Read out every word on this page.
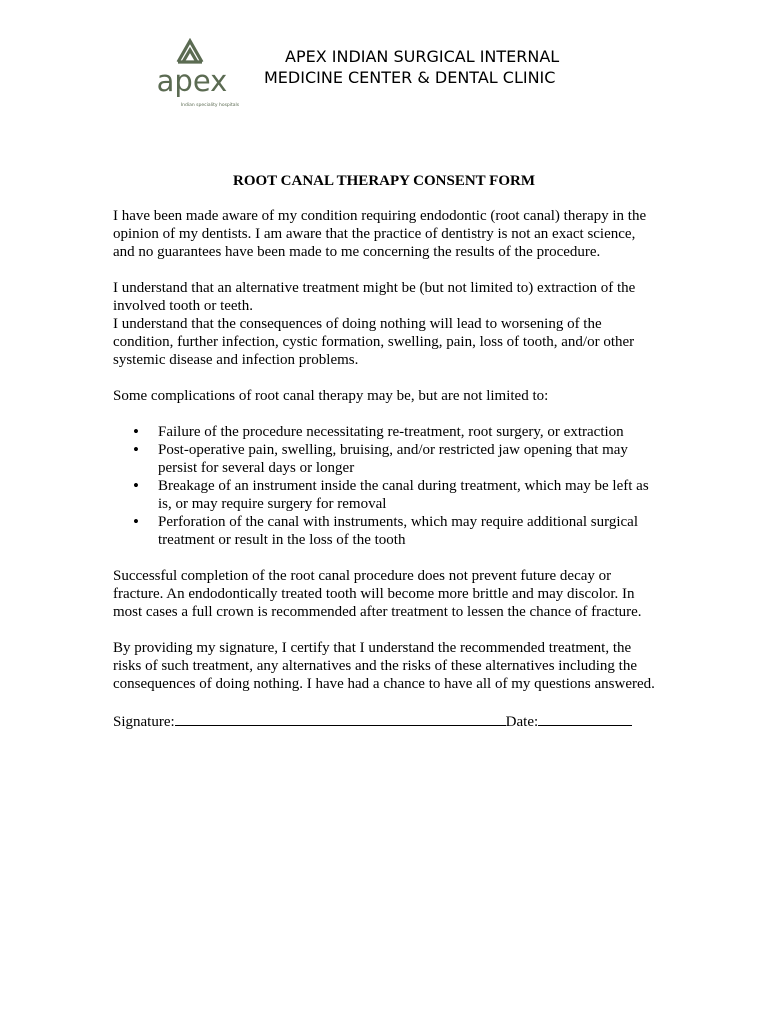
apex
Indian speciality hospitals
APEX INDIAN SURGICAL INTERNAL
MEDICINE CENTER & DENTAL CLINIC
ROOT CANAL THERAPY CONSENT FORM

I have been made aware of my condition requiring endodontic (root canal) therapy in the opinion of my dentists. I am aware that the practice of dentistry is not an exact science, and no guarantees have been made to me concerning the results of the procedure.

I understand that an alternative treatment might be (but not limited to) extraction of the involved tooth or teeth.

I understand that the consequences of doing nothing will lead to worsening of the condition, further infection, cystic formation, swelling, pain, loss of tooth, and/or other systemic disease and infection problems.

Some complications of root canal therapy may be, but are not limited to:

• Failure of the procedure necessitating re-treatment, root surgery, or extraction
• Post-operative pain, swelling, bruising, and/or restricted jaw opening that may persist for several days or longer
• Breakage of an instrument inside the canal during treatment, which may be left as is, or may require surgery for removal
• Perforation of the canal with instruments, which may require additional surgical treatment or result in the loss of the tooth

Successful completion of the root canal procedure does not prevent future decay or fracture. An endodontically treated tooth will become more brittle and may discolor. In most cases a full crown is recommended after treatment to lessen the chance of fracture.

By providing my signature, I certify that I understand the recommended treatment, the risks of such treatment, any alternatives and the risks of these alternatives including the consequences of doing nothing. I have had a chance to have all of my questions answered.

Signature:	Date:
